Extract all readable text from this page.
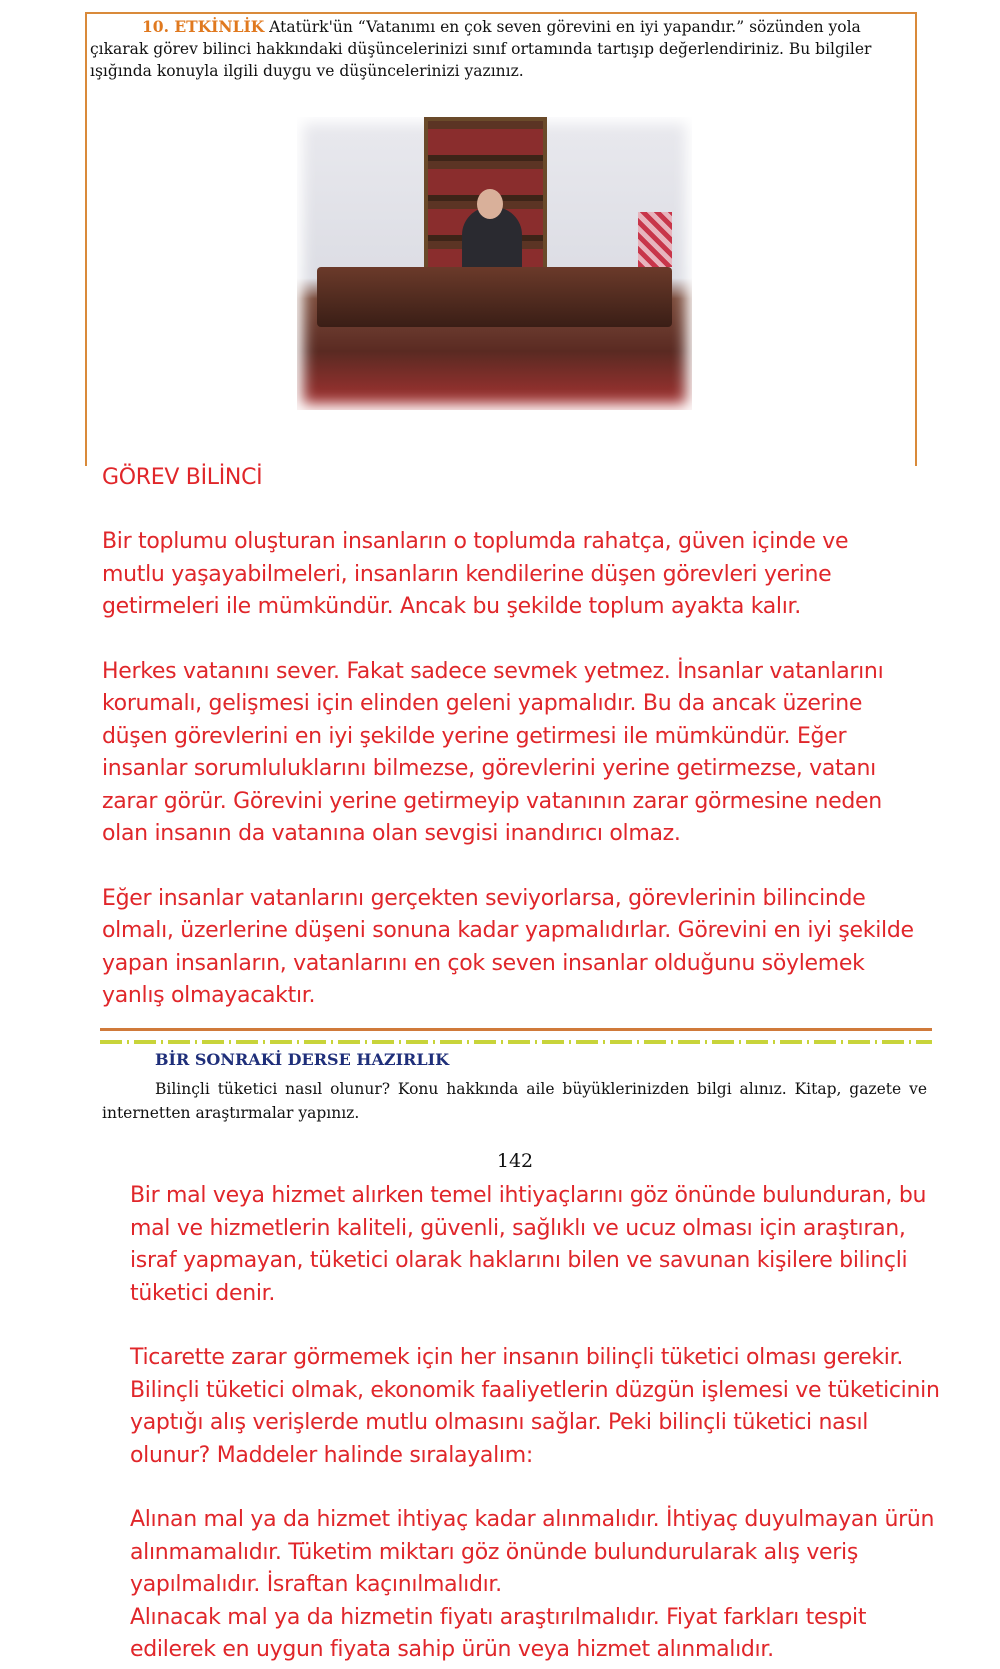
10. ETKİNLİK Atatürk'ün “Vatanımı en çok seven görevini en iyi yapandır.” sözünden yola çıkarak görev bilinci hakkındaki düşüncelerinizi sınıf ortamında tartışıp değerlendiriniz. Bu bilgiler ışığında konuyla ilgili duygu ve düşüncelerinizi yazınız.
GÖREV BİLİNCİ

Bir toplumu oluşturan insanların o toplumda rahatça, güven içinde ve mutlu yaşayabilmeleri, insanların kendilerine düşen görevleri yerine getirmeleri ile mümkündür. Ancak bu şekilde toplum ayakta kalır.

Herkes vatanını sever. Fakat sadece sevmek yetmez. İnsanlar vatanlarını korumalı, gelişmesi için elinden geleni yapmalıdır. Bu da ancak üzerine düşen görevlerini en iyi şekilde yerine getirmesi ile mümkündür. Eğer insanlar sorumluluklarını bilmezse, görevlerini yerine getirmezse, vatanı zarar görür. Görevini yerine getirmeyip vatanının zarar görmesine neden olan insanın da vatanına olan sevgisi inandırıcı olmaz.

Eğer insanlar vatanlarını gerçekten seviyorlarsa, görevlerinin bilincinde olmalı, üzerlerine düşeni sonuna kadar yapmalıdırlar. Görevini en iyi şekilde yapan insanların, vatanlarını en çok seven insanlar olduğunu söylemek yanlış olmayacaktır.

BİR SONRAKİ DERSE HAZIRLIK
Bilinçli tüketici nasıl olunur? Konu hakkında aile büyüklerinizden bilgi alınız. Kitap, gazete ve internetten araştırmalar yapınız.
142

Bir mal veya hizmet alırken temel ihtiyaçlarını göz önünde bulunduran, bu mal ve hizmetlerin kaliteli, güvenli, sağlıklı ve ucuz olması için araştıran, israf yapmayan, tüketici olarak haklarını bilen ve savunan kişilere bilinçli tüketici denir.

Ticarette zarar görmemek için her insanın bilinçli tüketici olması gerekir. Bilinçli tüketici olmak, ekonomik faaliyetlerin düzgün işlemesi ve tüketicinin yaptığı alış verişlerde mutlu olmasını sağlar. Peki bilinçli tüketici nasıl olunur? Maddeler halinde sıralayalım:

Alınan mal ya da hizmet ihtiyaç kadar alınmalıdır. İhtiyaç duyulmayan ürün alınmamalıdır. Tüketim miktarı göz önünde bulundurularak alış veriş yapılmalıdır. İsraftan kaçınılmalıdır.

Alınacak mal ya da hizmetin fiyatı araştırılmalıdır. Fiyat farkları tespit edilerek en uygun fiyata sahip ürün veya hizmet alınmalıdır.
